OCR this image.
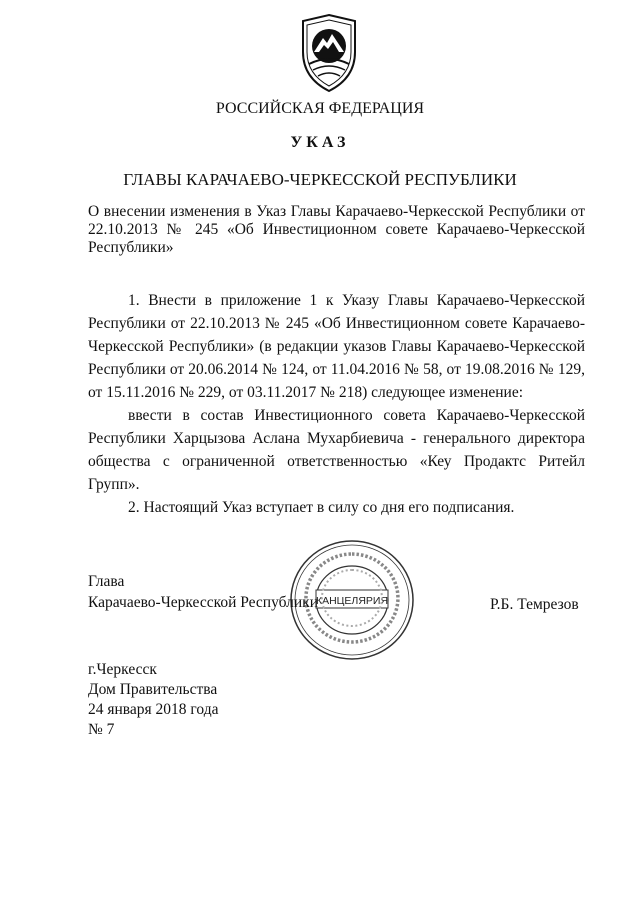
РОССИЙСКАЯ ФЕДЕРАЦИЯ
УКАЗ
ГЛАВЫ КАРАЧАЕВО-ЧЕРКЕССКОЙ РЕСПУБЛИКИ
О внесении изменения в Указ Главы Карачаево-Черкесской Республики от 22.10.2013 № 245 «Об Инвестиционном совете Карачаево-Черкесской Республики»

1. Внести в приложение 1 к Указу Главы Карачаево-Черкесской Республики от 22.10.2013 № 245 «Об Инвестиционном совете Карачаево-Черкесской Республики» (в редакции указов Главы Карачаево-Черкесской Республики от 20.06.2014 № 124, от 11.04.2016 № 58, от 19.08.2016 № 129, от 15.11.2016 № 229, от 03.11.2017 № 218) следующее изменение:

ввести в состав Инвестиционного совета Карачаево-Черкесской Республики Харцызова Аслана Мухарбиевича - генерального директора общества с ограниченной ответственностью «Кеу Продактс Ритейл Групп».

2. Настоящий Указ вступает в силу со дня его подписания.

КАНЦЕЛЯРИЯ
Глава
Карачаево-Черкесской Республики	Р.Б. Темрезов
г.Черкесск
Дом Правительства
24 января 2018 года
№ 7
